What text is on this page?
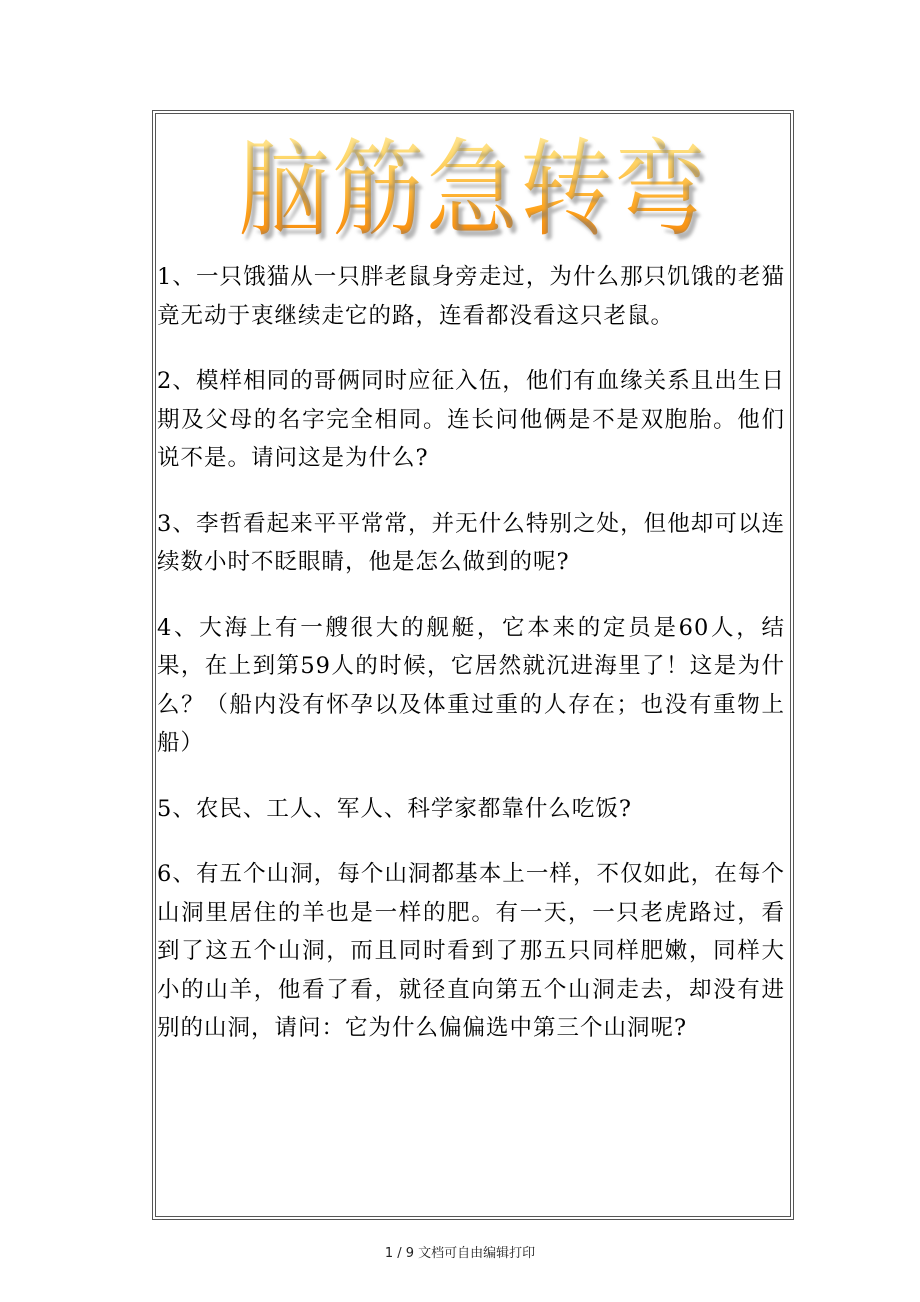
脑筋急转弯

1、一只饿猫从一只胖老鼠身旁走过，为什么那只饥饿的老猫竟无动于衷继续走它的路，连看都没看这只老鼠。

2、模样相同的哥俩同时应征入伍，他们有血缘关系且出生日期及父母的名字完全相同。连长问他俩是不是双胞胎。他们说不是。请问这是为什么?

3、李哲看起来平平常常，并无什么特别之处，但他却可以连续数小时不眨眼睛，他是怎么做到的呢?

4、大海上有一艘很大的舰艇，它本来的定员是60人，结果，在上到第59人的时候，它居然就沉进海里了！这是为什么？（船内没有怀孕以及体重过重的人存在；也没有重物上船）

5、农民、工人、军人、科学家都靠什么吃饭?

6、有五个山洞，每个山洞都基本上一样，不仅如此，在每个山洞里居住的羊也是一样的肥。有一天，一只老虎路过，看到了这五个山洞，而且同时看到了那五只同样肥嫩，同样大小的山羊，他看了看，就径直向第五个山洞走去，却没有进别的山洞，请问：它为什么偏偏选中第三个山洞呢?

1 / 9 文档可自由编辑打印
